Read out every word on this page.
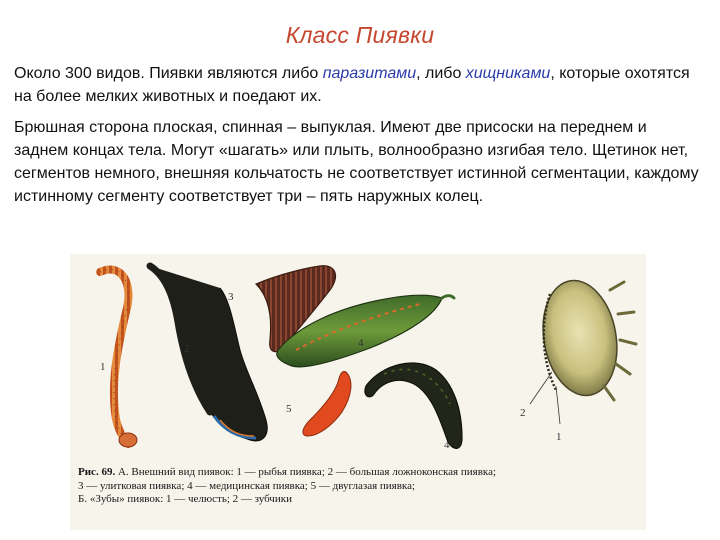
Класс Пиявки
Около 300 видов. Пиявки являются либо паразитами, либо хищниками, которые охотятся на более мелких животных и поедают их.
Брюшная сторона плоская, спинная – выпуклая. Имеют две присоски на переднем и заднем концах тела. Могут «шагать» или плыть, волнообразно изгибая тело. Щетинок нет, сегментов немного, внешняя кольчатость не соответствует истинной сегментации, каждому истинному сегменту соответствует три – пять наружных колец.
1
2
3
4
5
4
2
1
Рис. 69. А. Внешний вид пиявок: 1 — рыбья пиявка; 2 — большая ложноконская пиявка;
3 — улитковая пиявка; 4 — медицинская пиявка; 5 — двуглазая пиявка;
Б. «Зубы» пиявок: 1 — челюсть; 2 — зубчики
